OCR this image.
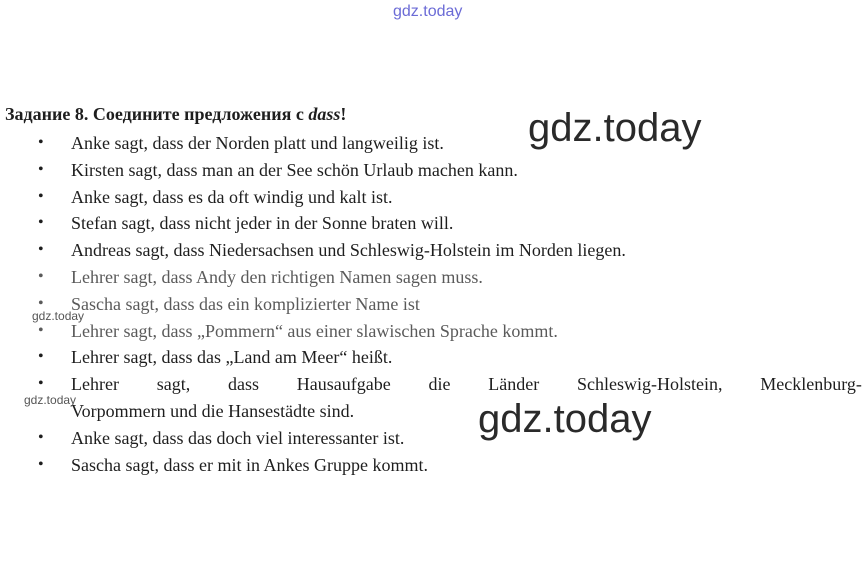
gdz.today
Задание 8. Соедините предложения с dass!
• Anke sagt, dass der Norden platt und langweilig ist.
• Kirsten sagt, dass man an der See schön Urlaub machen kann.
• Anke sagt, dass es da oft windig und kalt ist.
• Stefan sagt, dass nicht jeder in der Sonne braten will.
• Andreas sagt, dass Niedersachsen und Schleswig-Holstein im Norden liegen.
• Lehrer sagt, dass Andy den richtigen Namen sagen muss.
• Sascha sagt, dass das ein komplizierter Name ist
• Lehrer sagt, dass „Pommern“ aus einer slawischen Sprache kommt.
• Lehrer sagt, dass das „Land am Meer“ heißt.
• Lehrer sagt, dass Hausaufgabe die Länder Schleswig-Holstein, Mecklenburg-
Vorpommern und die Hansestädte sind.
• Anke sagt, dass das doch viel interessanter ist.
• Sascha sagt, dass er mit in Ankes Gruppe kommt.
gdz.today
gdz.today
gdz.today
gdz.today
